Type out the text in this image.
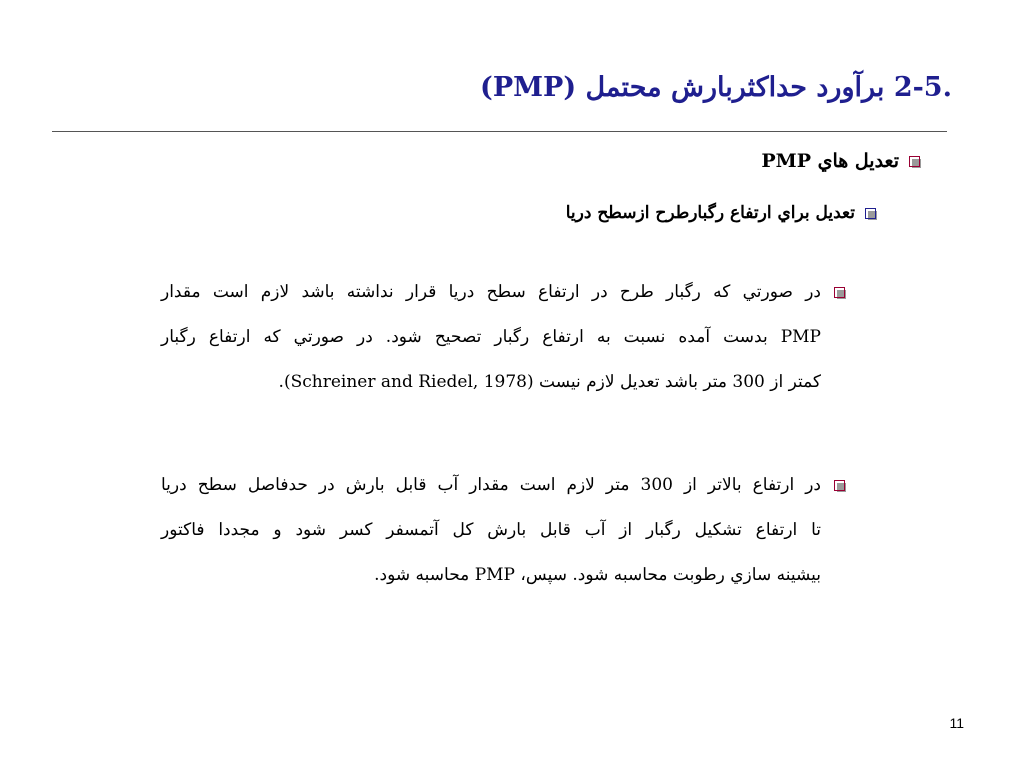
.2-5 برآورد حداكثربارش محتمل (PMP)
تعديل هاي PMP
تعديل براي ارتفاع رگبارطرح ازسطح دريا
در صورتي كه رگبار طرح در ارتفاع سطح دريا قرار نداشته باشد لازم است مقدار
PMP بدست آمده نسبت به ارتفاع رگبار تصحيح شود. در صورتي كه ارتفاع رگبار
كمتر از 300 متر باشد تعديل لازم نيست (Schreiner and Riedel, 1978).
در ارتفاع بالاتر از 300 متر لازم است مقدار آب قابل بارش در حدفاصل سطح دريا
تا ارتفاع تشكيل رگبار از آب قابل بارش كل آتمسفر كسر شود و مجددا فاكتور
بيشينه سازي رطوبت محاسبه شود. سپس، PMP محاسبه شود.
11
